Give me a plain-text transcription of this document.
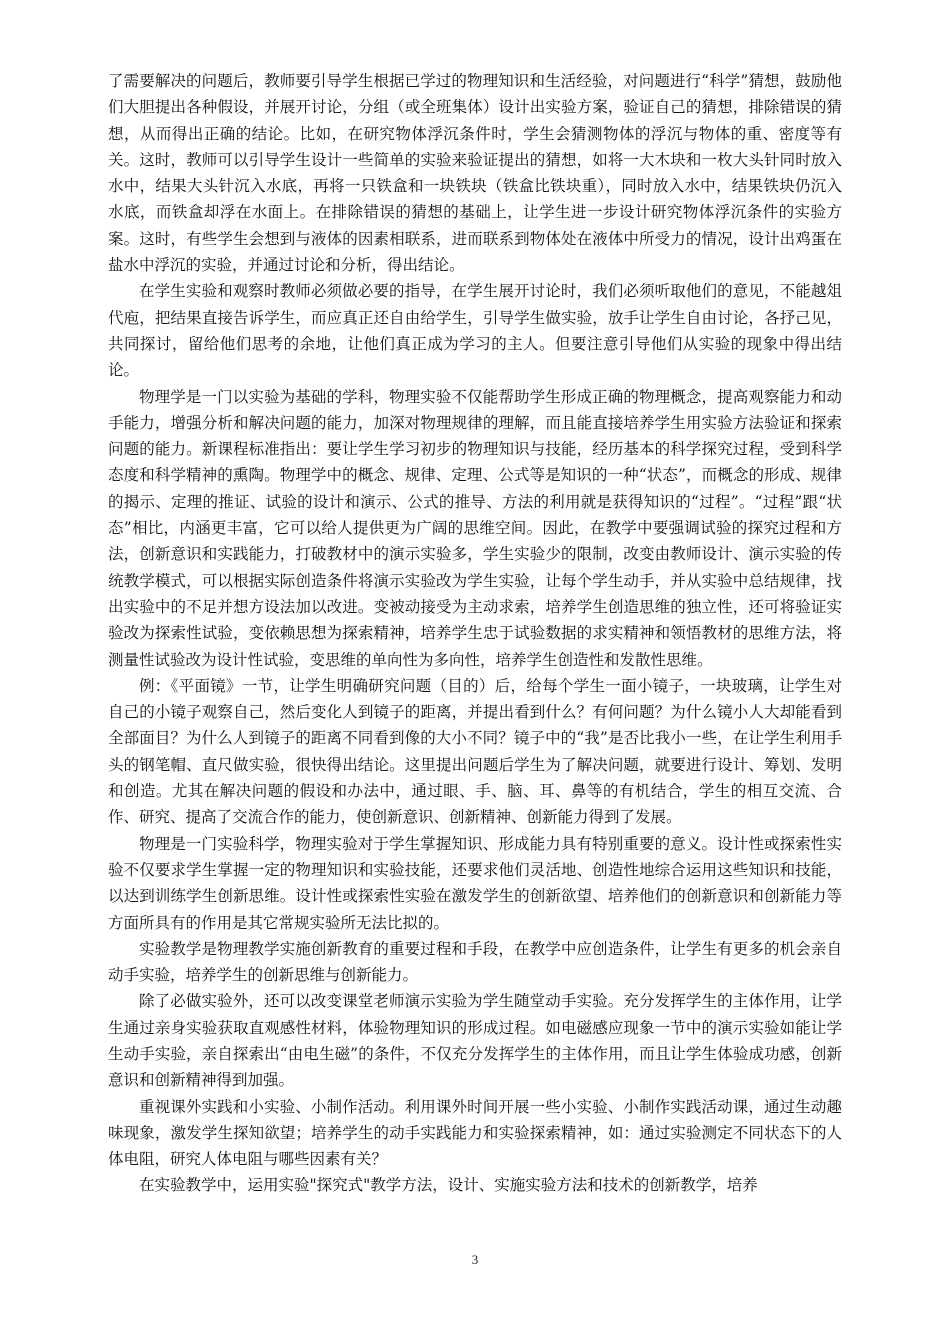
了需要解决的问题后，教师要引导学生根据已学过的物理知识和生活经验，对问题进行“科学”猜想，鼓励他们大胆提出各种假设，并展开讨论，分组（或全班集体）设计出实验方案，验证自己的猜想，排除错误的猜想，从而得出正确的结论。比如，在研究物体浮沉条件时，学生会猜测物体的浮沉与物体的重、密度等有关。这时，教师可以引导学生设计一些简单的实验来验证提出的猜想，如将一大木块和一枚大头针同时放入水中，结果大头针沉入水底，再将一只铁盒和一块铁块（铁盒比铁块重），同时放入水中，结果铁块仍沉入水底，而铁盒却浮在水面上。在排除错误的猜想的基础上，让学生进一步设计研究物体浮沉条件的实验方案。这时，有些学生会想到与液体的因素相联系，进而联系到物体处在液体中所受力的情况，设计出鸡蛋在盐水中浮沉的实验，并通过讨论和分析，得出结论。

在学生实验和观察时教师必须做必要的指导，在学生展开讨论时，我们必须听取他们的意见，不能越俎代庖，把结果直接告诉学生，而应真正还自由给学生，引导学生做实验，放手让学生自由讨论，各抒己见，共同探讨，留给他们思考的余地，让他们真正成为学习的主人。但要注意引导他们从实验的现象中得出结论。

物理学是一门以实验为基础的学科，物理实验不仅能帮助学生形成正确的物理概念，提高观察能力和动手能力，增强分析和解决问题的能力，加深对物理规律的理解，而且能直接培养学生用实验方法验证和探索问题的能力。新课程标准指出：要让学生学习初步的物理知识与技能，经历基本的科学探究过程，受到科学态度和科学精神的熏陶。物理学中的概念、规律、定理、公式等是知识的一种“状态”，而概念的形成、规律的揭示、定理的推证、试验的设计和演示、公式的推导、方法的利用就是获得知识的“过程”。“过程”跟“状态”相比，内涵更丰富，它可以给人提供更为广阔的思维空间。因此，在教学中要强调试验的探究过程和方法，创新意识和实践能力，打破教材中的演示实验多，学生实验少的限制，改变由教师设计、演示实验的传统教学模式，可以根据实际创造条件将演示实验改为学生实验，让每个学生动手，并从实验中总结规律，找出实验中的不足并想方设法加以改进。变被动接受为主动求索，培养学生创造思维的独立性，还可将验证实验改为探索性试验，变依赖思想为探索精神，培养学生忠于试验数据的求实精神和领悟教材的思维方法，将测量性试验改为设计性试验，变思维的单向性为多向性，培养学生创造性和发散性思维。

例：《平面镜》一节，让学生明确研究问题（目的）后，给每个学生一面小镜子，一块玻璃，让学生对自己的小镜子观察自己，然后变化人到镜子的距离，并提出看到什么？有何问题？为什么镜小人大却能看到全部面目？为什么人到镜子的距离不同看到像的大小不同？镜子中的“我”是否比我小一些，在让学生利用手头的钢笔帽、直尺做实验，很快得出结论。这里提出问题后学生为了解决问题，就要进行设计、筹划、发明和创造。尤其在解决问题的假设和办法中，通过眼、手、脑、耳、鼻等的有机结合，学生的相互交流、合作、研究、提高了交流合作的能力，使创新意识、创新精神、创新能力得到了发展。

物理是一门实验科学，物理实验对于学生掌握知识、形成能力具有特别重要的意义。设计性或探索性实验不仅要求学生掌握一定的物理知识和实验技能，还要求他们灵活地、创造性地综合运用这些知识和技能，以达到训练学生创新思维。设计性或探索性实验在激发学生的创新欲望、培养他们的创新意识和创新能力等方面所具有的作用是其它常规实验所无法比拟的。

实验教学是物理教学实施创新教育的重要过程和手段，在教学中应创造条件，让学生有更多的机会亲自动手实验，培养学生的创新思维与创新能力。

除了必做实验外，还可以改变课堂老师演示实验为学生随堂动手实验。充分发挥学生的主体作用，让学生通过亲身实验获取直观感性材料，体验物理知识的形成过程。如电磁感应现象一节中的演示实验如能让学生动手实验，亲自探索出“由电生磁”的条件，不仅充分发挥学生的主体作用，而且让学生体验成功感，创新意识和创新精神得到加强。

重视课外实践和小实验、小制作活动。利用课外时间开展一些小实验、小制作实践活动课，通过生动趣味现象，激发学生探知欲望；培养学生的动手实践能力和实验探索精神，如：通过实验测定不同状态下的人体电阻，研究人体电阻与哪些因素有关？

在实验教学中，运用实验"探究式"教学方法，设计、实施实验方法和技术的创新教学，培养

3
